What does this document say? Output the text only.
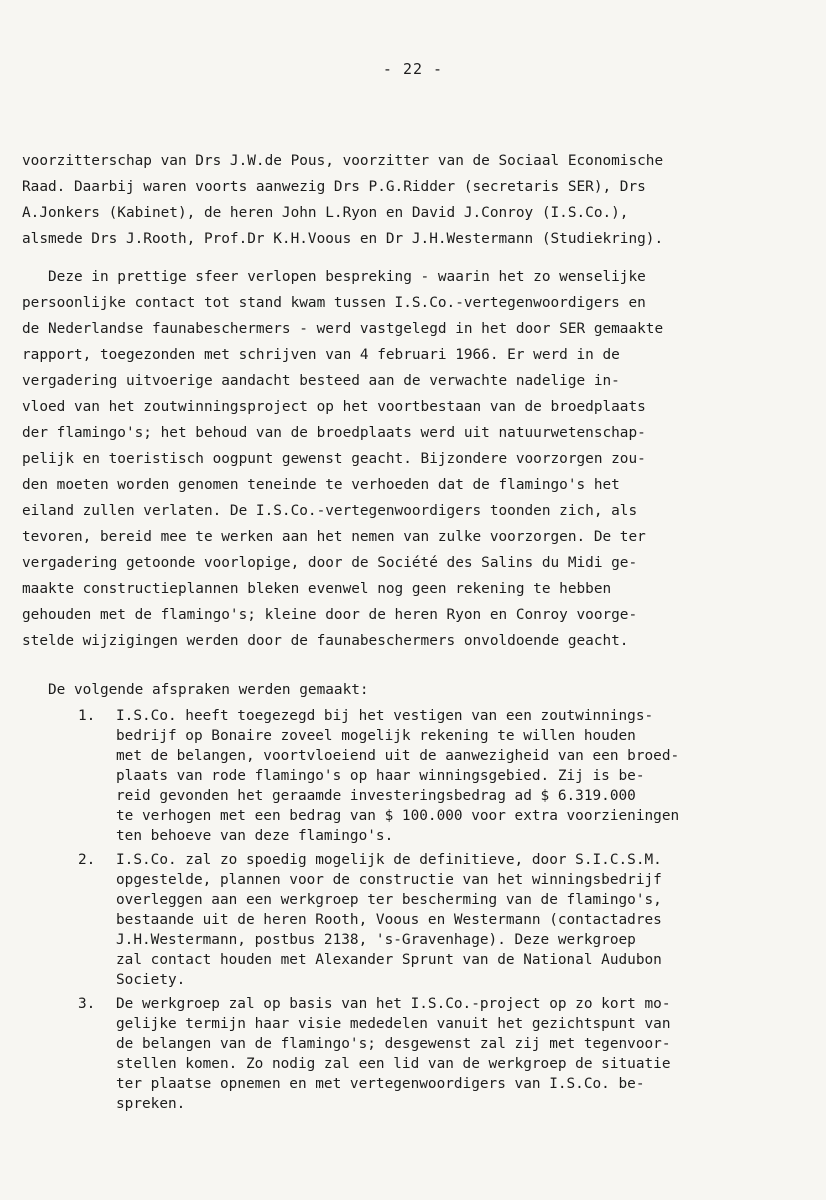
- 22 -

voorzitterschap van Drs J.W.de Pous, voorzitter van de Sociaal Economische
Raad. Daarbij waren voorts aanwezig Drs P.G.Ridder (secretaris SER), Drs
A.Jonkers (Kabinet), de heren John L.Ryon en David J.Conroy (I.S.Co.),
alsmede Drs J.Rooth, Prof.Dr K.H.Voous en Dr J.H.Westermann (Studiekring).

Deze in prettige sfeer verlopen bespreking - waarin het zo wenselijke
persoonlijke contact tot stand kwam tussen I.S.Co.-vertegenwoordigers en
de Nederlandse faunabeschermers - werd vastgelegd in het door SER gemaakte
rapport, toegezonden met schrijven van 4 februari 1966. Er werd in de
vergadering uitvoerige aandacht besteed aan de verwachte nadelige in-
vloed van het zoutwinningsproject op het voortbestaan van de broedplaats
der flamingo's; het behoud van de broedplaats werd uit natuurwetenschap-
pelijk en toeristisch oogpunt gewenst geacht. Bijzondere voorzorgen zou-
den moeten worden genomen teneinde te verhoeden dat de flamingo's het
eiland zullen verlaten. De I.S.Co.-vertegenwoordigers toonden zich, als
tevoren, bereid mee te werken aan het nemen van zulke voorzorgen. De ter
vergadering getoonde voorlopige, door de Société des Salins du Midi ge-
maakte constructieplannen bleken evenwel nog geen rekening te hebben
gehouden met de flamingo's; kleine door de heren Ryon en Conroy voorge-
stelde wijzigingen werden door de faunabeschermers onvoldoende geacht.

De volgende afspraken werden gemaakt:

1. I.S.Co. heeft toegezegd bij het vestigen van een zoutwinnings-
bedrijf op Bonaire zoveel mogelijk rekening te willen houden
met de belangen, voortvloeiend uit de aanwezigheid van een broed-
plaats van rode flamingo's op haar winningsgebied. Zij is be-
reid gevonden het geraamde investeringsbedrag ad $ 6.319.000
te verhogen met een bedrag van $ 100.000 voor extra voorzieningen
ten behoeve van deze flamingo's.
2. I.S.Co. zal zo spoedig mogelijk de definitieve, door S.I.C.S.M.
opgestelde, plannen voor de constructie van het winningsbedrijf
overleggen aan een werkgroep ter bescherming van de flamingo's,
bestaande uit de heren Rooth, Voous en Westermann (contactadres
J.H.Westermann, postbus 2138, 's-Gravenhage). Deze werkgroep
zal contact houden met Alexander Sprunt van de National Audubon
Society.
3. De werkgroep zal op basis van het I.S.Co.-project op zo kort mo-
gelijke termijn haar visie mededelen vanuit het gezichtspunt van
de belangen van de flamingo's; desgewenst zal zij met tegenvoor-
stellen komen. Zo nodig zal een lid van de werkgroep de situatie
ter plaatse opnemen en met vertegenwoordigers van I.S.Co. be-
spreken.
